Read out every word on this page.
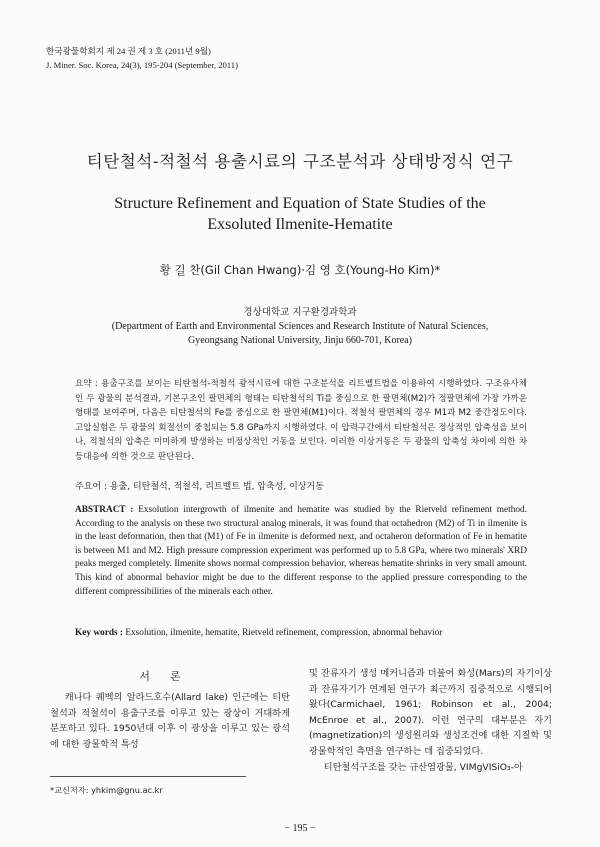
한국광물학회지 제 24 권 제 3 호 (2011년 9월)
J. Miner. Soc. Korea, 24(3), 195-204 (September, 2011)
티탄철석-적철석 용출시료의 구조분석과 상태방정식 연구
Structure Refinement and Equation of State Studies of the
Exsoluted Ilmenite-Hematite
황 길 찬(Gil Chan Hwang)·김 영 호(Young-Ho Kim)*
경상대학교 지구환경과학과
(Department of Earth and Environmental Sciences and Research Institute of Natural Sciences,
Gyeongsang National University, Jinju 660-701, Korea)
요약 : 용출구조를 보이는 티탄철석-적철석 광석시료에 대한 구조분석을 리트벨트법을 이용하여 시행하였다. 구조유사체인 두 광물의 분석결과, 기본구조인 팔면체의 형태는 티탄철석의 Ti를 중심으로 한 팔면체(M2)가 정팔면체에 가장 가까운 형태를 보여주며, 다음은 티탄철석의 Fe를 중심으로 한 팔면체(M1)이다. 적철석 팔면체의 경우 M1과 M2 중간정도이다. 고압실험은 두 광물의 회절선이 중첩되는 5.8 GPa까지 시행하였다. 이 압력구간에서 티탄철석은 정상적인 압축성을 보이나, 적철석의 압축은 미미하게 발생하는 비정상적인 거동을 보인다. 이러한 이상거동은 두 광물의 압축성 차이에 의한 차등대응에 의한 것으로 판단된다.
주요어 : 용출, 티탄철석, 적철석, 리트벨트 법, 압축성, 이상거동
ABSTRACT : Exsolution intergrowth of ilmenite and hematite was studied by the Rietveld refinement method. According to the analysis on these two structural analog minerals, it was found that octahedron (M2) of Ti in ilmenite is in the least deformation, then that (M1) of Fe in ilmenite is deformed next, and octaheron deformation of Fe in hematite is between M1 and M2. High pressure compression experiment was performed up to 5.8 GPa, where two minerals' XRD peaks merged completely. Ilmenite shows normal compression behavior, whereas hematite shrinks in very small amount. This kind of abnormal behavior might be due to the different response to the applied pressure corresponding to the different compressibilities of the minerals each other.
Key words : Exsolution, ilmenite, hematite, Rietveld refinement, compression, abnormal behavior
서론
캐나다 퀘벡의 알라드호수(Allard lake) 인근에는 티탄철석과 적철석이 용출구조를 이루고 있는 광상이 거대하게 분포하고 있다. 1950년대 이후 이 광상을 이루고 있는 광석에 대한 광물학적 특성
및 잔류자기 생성 메커니즘과 더불어 화성(Mars)의 자기이상과 잔류자기가 연계된 연구가 최근까지 집중적으로 시행되어 왔다(Carmichael, 1961; Robinson et al., 2004; McEnroe et al., 2007). 이런 연구의 대부분은 자기(magnetization)의 생성원리와 생성조건에 대한 지질학 및 광물학적인 측면을 연구하는 데 집중되었다.
티탄철석구조를 갖는 규산염광물, VIMgVISiO₃-아
*교신저자: yhkim@gnu.ac.kr
− 195 −
